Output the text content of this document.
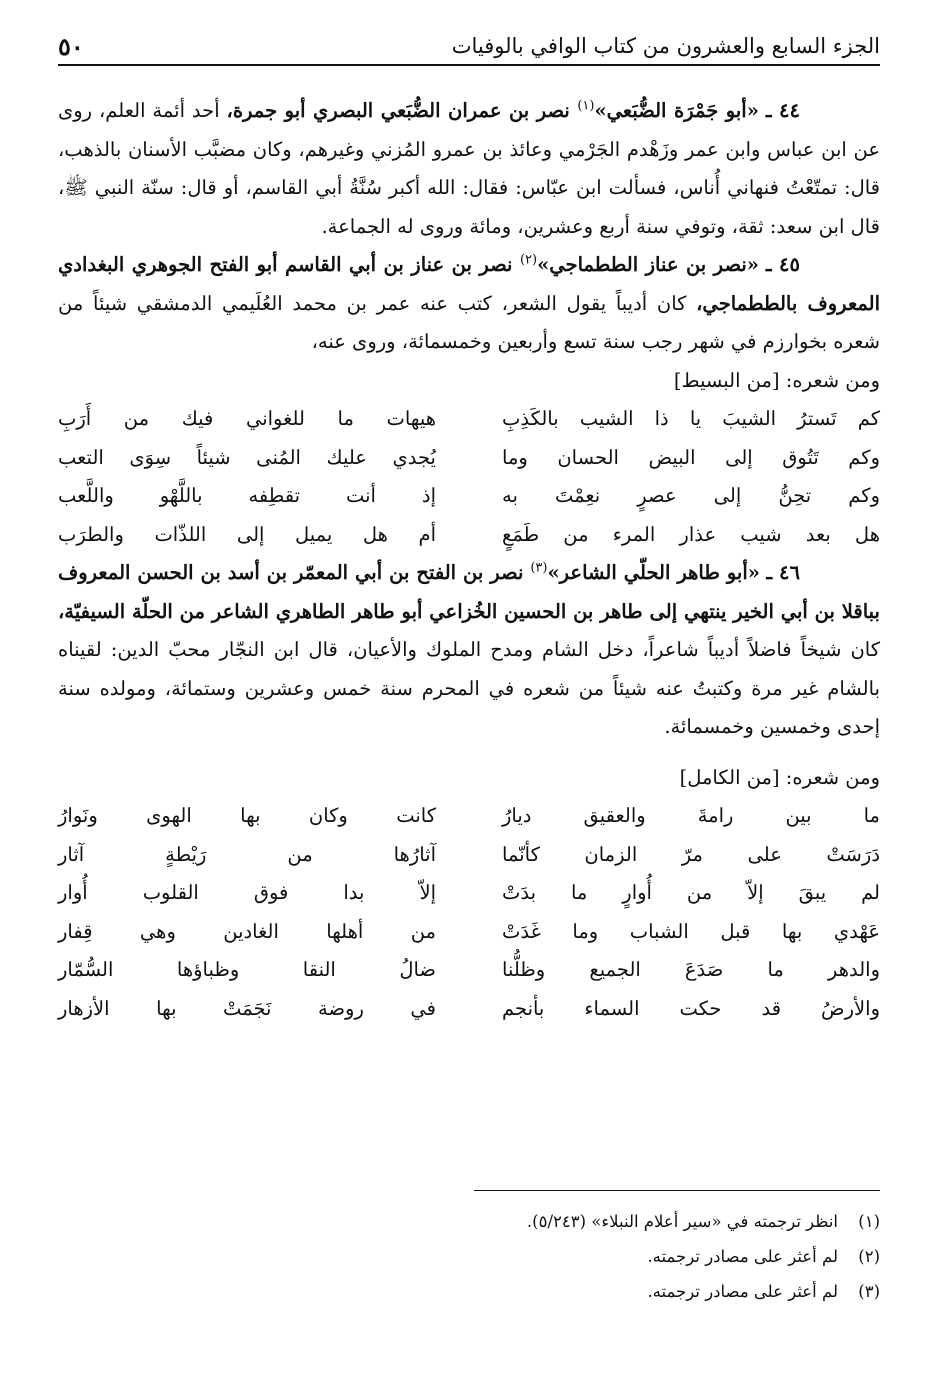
الجزء السابع والعشرون من كتاب الوافي بالوفيات
٥٠

٤٤ ـ «أبو جَمْرَة الضُّبَعي»$^{(١)}$ نصر بن عمران الضُّبَعي البصري أبو جمرة، أحد أئمة العلم، روى عن ابن عباس وابن عمر وزَهْدم الجَرْمي وعائذ بن عمرو المُزني وغيرهم، وكان مضبَّب الأسنان بالذهب، قال: تمتّعْتُ فنهاني أُناس، فسألت ابن عبّاس: فقال: الله أكبر سُنَّةُ أبي القاسم، أو قال: سنّة النبي ﷺ، قال ابن سعد: ثقة، وتوفي سنة أربع وعشرين، ومائة وروى له الجماعة.

٤٥ ـ «نصر بن عناز الططماجي»$^{(٢)}$ نصر بن عناز بن أبي القاسم أبو الفتح الجوهري البغدادي المعروف بالططماجي، كان أديباً يقول الشعر، كتب عنه عمر بن محمد العُلَيمي الدمشقي شيئاً من شعره بخوارزم في شهر رجب سنة تسع وأربعين وخمسمائة، وروى عنه،

ومن شعره: [من البسيط]

كم تَسترُ الشيبَ يا ذا الشيب بالكَذِبِ
هيهات ما للغواني فيك من أَرَبِ
وكم تَتُوق إلى البيض الحسان وما
يُجدي عليك المُنى شيئاً سِوَى التعب
وكم تحِنُّ إلى عصرٍ نعِمْتَ به
إذ أنت تقطِفه باللَّهْو واللَّعب
هل بعد شيب عذار المرء من طَمَعٍ
أم هل يميل إلى اللذّات والطرَب

٤٦ ـ «أبو طاهر الحلّي الشاعر»$^{(٣)}$ نصر بن الفتح بن أبي المعمّر بن أسد بن الحسن المعروف بباقلا بن أبي الخير ينتهي إلى طاهر بن الحسين الخُزاعي أبو طاهر الطاهري الشاعر من الحلّة السيفيّة، كان شيخاً فاضلاً أديباً شاعراً، دخل الشام ومدح الملوك والأعيان، قال ابن النجّار محبّ الدين: لقيناه بالشام غير مرة وكتبتُ عنه شيئاً من شعره في المحرم سنة خمس وعشرين وستمائة، ومولده سنة إحدى وخمسين وخمسمائة.

ومن شعره: [من الكامل]

ما بين رامةَ والعقيق ديارُ
كانت وكان بها الهوى ونَوارُ
دَرَسَتْ على مرّ الزمان كأنّما
آثارُها من رَيْطةٍ آثار
لم يبقَ إلاّ من أُوارٍ ما بدَتْ
إلاّ بدا فوق القلوب أُوار
عَهْدي بها قبل الشباب وما غَدَتْ
من أهلها الغادين وهي قِفار
والدهر ما صَدَعَ الجميع وظلُّنا
ضالُ النقا وظباؤها السُّمّار
والأرضُ قد حكت السماء بأنجم
في روضة نَجَمَتْ بها الأزهار
(١)
انظر ترجمته في «سير أعلام النبلاء» (٥/٢٤٣).
(٢)
لم أعثر على مصادر ترجمته.
(٣)
لم أعثر على مصادر ترجمته.
